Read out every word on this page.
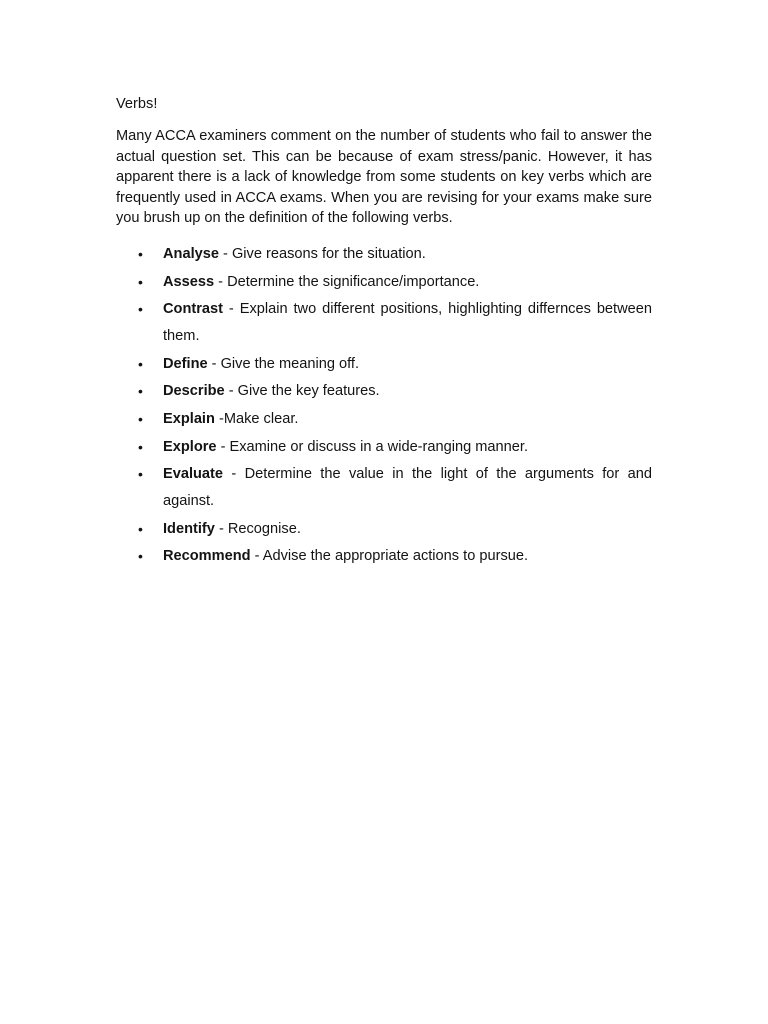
Verbs!

Many ACCA examiners comment on the number of students who fail to answer the actual question set. This can be because of exam stress/panic. However, it has apparent there is a lack of knowledge from some students on key verbs which are frequently used in ACCA exams. When you are revising for your exams make sure you brush up on the definition of the following verbs.

• Analyse - Give reasons for the situation.
• Assess - Determine the significance/importance.
• Contrast - Explain two different positions, highlighting differnces between them.
• Define - Give the meaning off.
• Describe - Give the key features.
• Explain -Make clear.
• Explore - Examine or discuss in a wide-ranging manner.
• Evaluate - Determine the value in the light of the arguments for and against.
• Identify - Recognise.
• Recommend - Advise the appropriate actions to pursue.
